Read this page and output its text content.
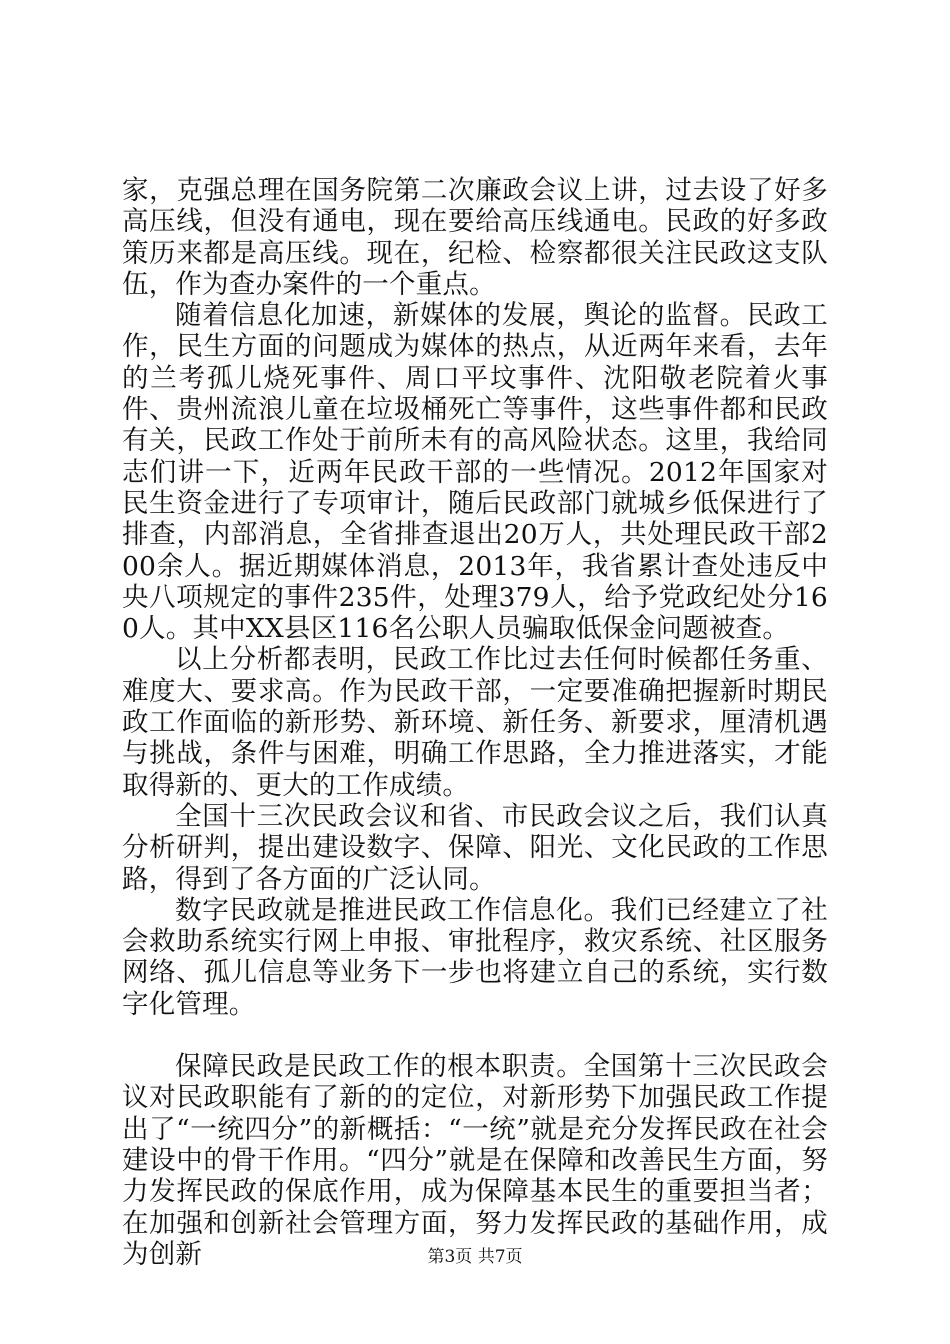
家，克强总理在国务院第二次廉政会议上讲，过去设了好多高压线，但没有通电，现在要给高压线通电。民政的好多政策历来都是高压线。现在，纪检、检察都很关注民政这支队伍，作为查办案件的一个重点。

随着信息化加速，新媒体的发展，舆论的监督。民政工作，民生方面的问题成为媒体的热点，从近两年来看，去年的兰考孤儿烧死事件、周口平坟事件、沈阳敬老院着火事件、贵州流浪儿童在垃圾桶死亡等事件，这些事件都和民政有关，民政工作处于前所未有的高风险状态。这里，我给同志们讲一下，近两年民政干部的一些情况。2012年国家对民生资金进行了专项审计，随后民政部门就城乡低保进行了排查，内部消息，全省排查退出20万人，共处理民政干部200余人。据近期媒体消息，2013年，我省累计查处违反中央八项规定的事件235件，处理379人，给予党政纪处分160人。其中XX县区116名公职人员骗取低保金问题被查。

以上分析都表明，民政工作比过去任何时候都任务重、难度大、要求高。作为民政干部，一定要准确把握新时期民政工作面临的新形势、新环境、新任务、新要求，厘清机遇与挑战，条件与困难，明确工作思路，全力推进落实，才能取得新的、更大的工作成绩。

全国十三次民政会议和省、市民政会议之后，我们认真分析研判，提出建设数字、保障、阳光、文化民政的工作思路，得到了各方面的广泛认同。

数字民政就是推进民政工作信息化。我们已经建立了社会救助系统实行网上申报、审批程序，救灾系统、社区服务网络、孤儿信息等业务下一步也将建立自己的系统，实行数字化管理。

保障民政是民政工作的根本职责。全国第十三次民政会议对民政职能有了新的的定位，对新形势下加强民政工作提出了“一统四分”的新概括：“一统”就是充分发挥民政在社会建设中的骨干作用。“四分”就是在保障和改善民生方面，努力发挥民政的保底作用，成为保障基本民生的重要担当者；在加强和创新社会管理方面，努力发挥民政的基础作用，成为创新	第3页 共7页
